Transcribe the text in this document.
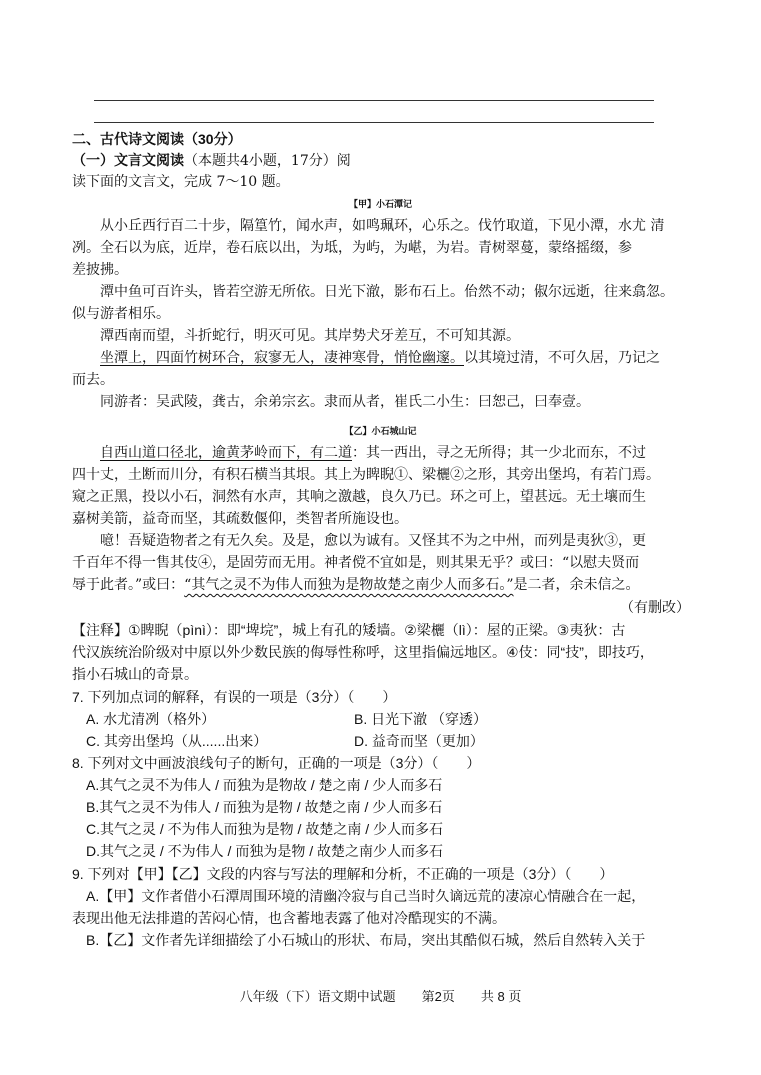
二、古代诗文阅读（30分）
（一）文言文阅读（本题共4小题，17分）阅
读下面的文言文，完成 7～10 题。
【甲】小石潭记
从小丘西行百二十步，隔篁竹，闻水声，如鸣珮环，心乐之。伐竹取道，下见小潭，水尤 清
冽。全石以为底，近岸，卷石底以出，为坻，为屿，为嵁，为岩。青树翠蔓，蒙络摇缀，参
差披拂。
潭中鱼可百许头，皆若空游无所依。日光下澈，影布石上。佁然不动；俶尔远逝，往来翕忽。
似与游者相乐。
潭西南而望，斗折蛇行，明灭可见。其岸势犬牙差互，不可知其源。
坐潭上，四面竹树环合，寂寥无人，凄神寒骨，悄怆幽邃。以其境过清，不可久居，乃记之
而去。
同游者：吴武陵，龚古，余弟宗玄。隶而从者，崔氏二小生：曰恕己，曰奉壹。
【乙】小石城山记
自西山道口径北，逾黄茅岭而下，有二道：其一西出，寻之无所得；其一少北而东，不过
四十丈，土断而川分，有积石横当其垠。其上为睥睨①、梁欐②之形，其旁出堡坞，有若门焉。
窥之正黑，投以小石，洞然有水声，其响之激越，良久乃已。环之可上，望甚远。无土壤而生
嘉树美箭，益奇而坚，其疏数偃仰，类智者所施设也。
噫！吾疑造物者之有无久矣。及是，愈以为诚有。又怪其不为之中州，而列是夷狄③，更
千百年不得一售其伎④，是固劳而无用。神者傥不宜如是，则其果无乎？或曰：“以慰夫贤而
辱于此者。”或曰：“其气之灵不为伟人而独为是物故楚之南少人而多石。”是二者，余未信之。
（有删改）
【注释】①睥睨（pìnì）：即“埤垸”，城上有孔的矮墙。②梁欐（lì）：屋的正梁。③夷狄：古
代汉族统治阶级对中原以外少数民族的侮辱性称呼，这里指偏远地区。④伎：同“技”，即技巧，
指小石城山的奇景。
7. 下列加点词的解释，有误的一项是（3分）（　　）
A. 水尤清冽（格外）	B. 日光下澈 （穿透）
C. 其旁出堡坞（从......出来）	D. 益奇而坚（更加）
8. 下列对文中画波浪线句子的断句，正确的一项是（3分）（　　）
A.其气之灵不为伟人 / 而独为是物故 / 楚之南 / 少人而多石
B.其气之灵不为伟人 / 而独为是物 / 故楚之南 / 少人而多石
C.其气之灵 / 不为伟人而独为是物 / 故楚之南 / 少人而多石
D.其气之灵 / 不为伟人 / 而独为是物 / 故楚之南少人而多石
9. 下列对【甲】【乙】文段的内容与写法的理解和分析，不正确的一项是（3分）（　　）
A.【甲】文作者借小石潭周围环境的清幽冷寂与自己当时久谪远荒的凄凉心情融合在一起，
表现出他无法排遣的苦闷心情，也含蓄地表露了他对冷酷现实的不满。
B.【乙】文作者先详细描绘了小石城山的形状、布局，突出其酷似石城，然后自然转入关于
八年级（下）语文期中试题　　第2页　　共 8 页
